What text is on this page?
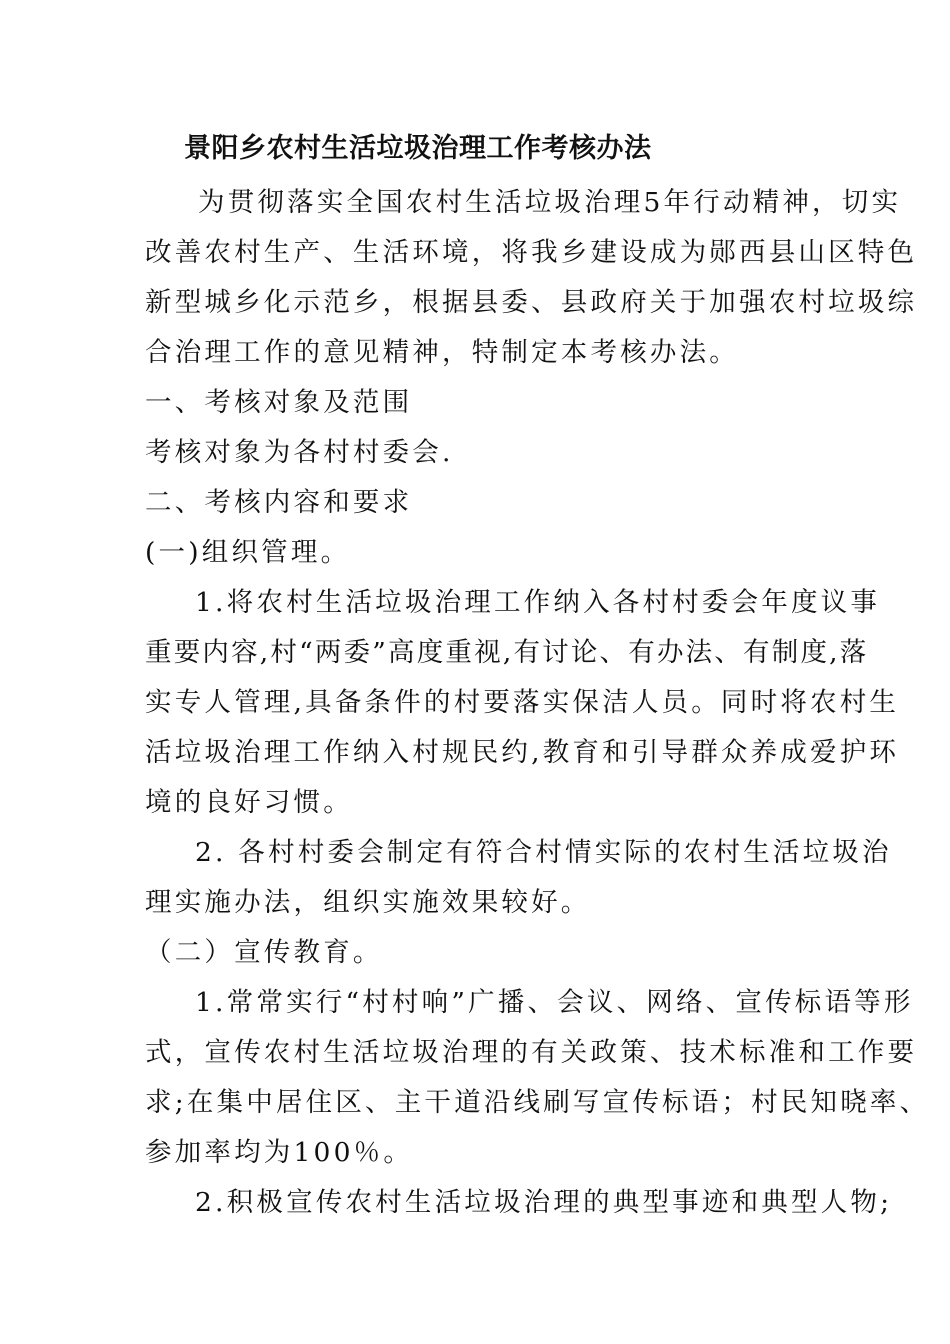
景阳乡农村生活垃圾治理工作考核办法
为贯彻落实全国农村生活垃圾治理5年行动精神，切实
改善农村生产、生活环境，将我乡建设成为郧西县山区特色
新型城乡化示范乡，根据县委、县政府关于加强农村垃圾综
合治理工作的意见精神，特制定本考核办法。
一、考核对象及范围
考核对象为各村村委会.
二、考核内容和要求
(一)组织管理。
1.将农村生活垃圾治理工作纳入各村村委会年度议事
重要内容,村“两委”高度重视,有讨论、有办法、有制度,落
实专人管理,具备条件的村要落实保洁人员。同时将农村生
活垃圾治理工作纳入村规民约,教育和引导群众养成爱护环
境的良好习惯。
2. 各村村委会制定有符合村情实际的农村生活垃圾治
理实施办法，组织实施效果较好。
（二）宣传教育。
1.常常实行“村村响”广播、会议、网络、宣传标语等形
式，宣传农村生活垃圾治理的有关政策、技术标准和工作要
求;在集中居住区、主干道沿线刷写宣传标语；村民知晓率、
参加率均为100％。
2.积极宣传农村生活垃圾治理的典型事迹和典型人物;
